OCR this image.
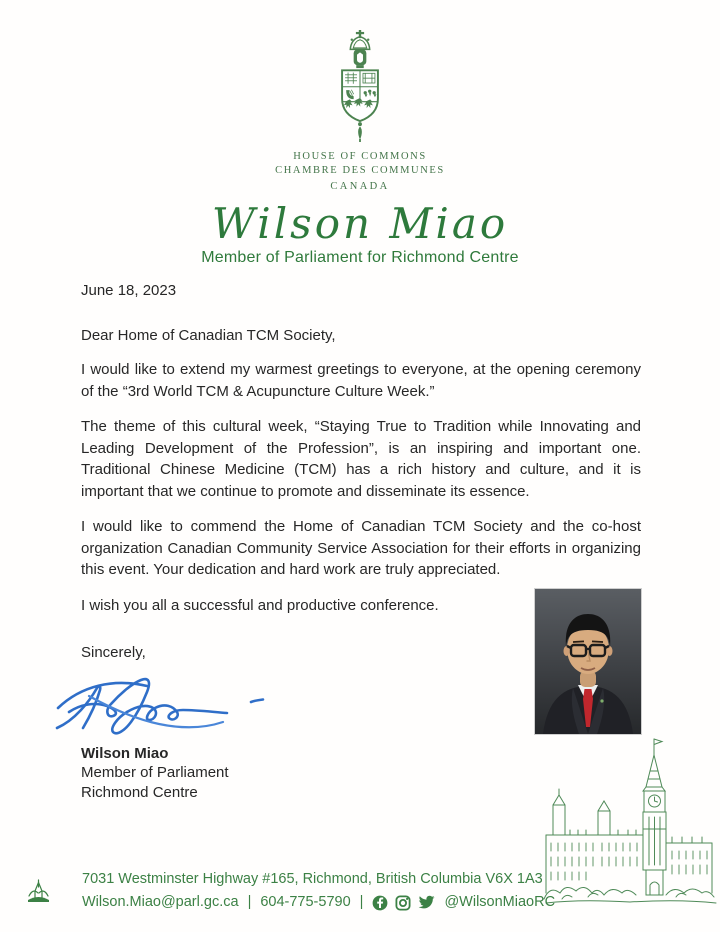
HOUSE OF COMMONS
CHAMBRE DES COMMUNES
CANADA
Wilson Miao
Member of Parliament for Richmond Centre

June 18, 2023

Dear Home of Canadian TCM Society,

I would like to extend my warmest greetings to everyone, at the opening ceremony of the “3rd World TCM & Acupuncture Culture Week.”

The theme of this cultural week, “Staying True to Tradition while Innovating and Leading Development of the Profession”, is an inspiring and important one. Traditional Chinese Medicine (TCM) has a rich history and culture, and it is important that we continue to promote and disseminate its essence.

I would like to commend the Home of Canadian TCM Society and the co-host organization Canadian Community Service Association for their efforts in organizing this event. Your dedication and hard work are truly appreciated.

I wish you all a successful and productive conference.

Sincerely,

Wilson Miao
Member of Parliament
Richmond Centre
7031 Westminster Highway #165, Richmond, British Columbia V6X 1A3
Wilson.Miao@parl.gc.ca | 604-775-5790 |	@WilsonMiaoRC
